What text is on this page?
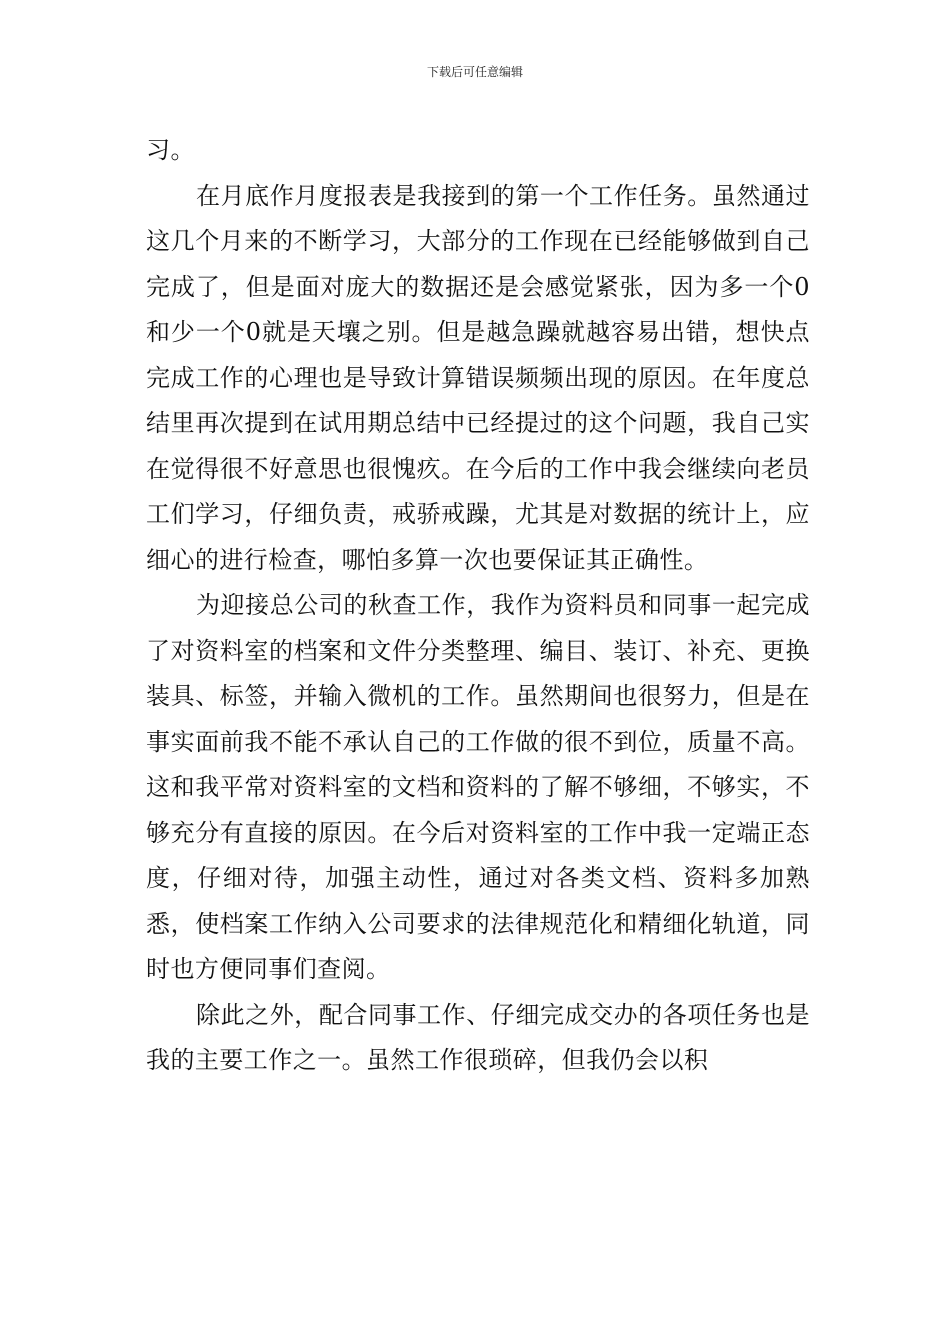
下载后可任意编辑

习。

在月底作月度报表是我接到的第一个工作任务。虽然通过这几个月来的不断学习，大部分的工作现在已经能够做到自己完成了，但是面对庞大的数据还是会感觉紧张，因为多一个0和少一个0就是天壤之别。但是越急躁就越容易出错，想快点完成工作的心理也是导致计算错误频频出现的原因。在年度总结里再次提到在试用期总结中已经提过的这个问题，我自己实在觉得很不好意思也很愧疚。在今后的工作中我会继续向老员工们学习，仔细负责，戒骄戒躁，尤其是对数据的统计上，应细心的进行检查，哪怕多算一次也要保证其正确性。

为迎接总公司的秋查工作，我作为资料员和同事一起完成了对资料室的档案和文件分类整理、编目、装订、补充、更换装具、标签，并输入微机的工作。虽然期间也很努力，但是在事实面前我不能不承认自己的工作做的很不到位，质量不高。这和我平常对资料室的文档和资料的了解不够细，不够实，不够充分有直接的原因。在今后对资料室的工作中我一定端正态度，仔细对待，加强主动性，通过对各类文档、资料多加熟悉，使档案工作纳入公司要求的法律规范化和精细化轨道，同时也方便同事们查阅。

除此之外，配合同事工作、仔细完成交办的各项任务也是我的主要工作之一。虽然工作很琐碎，但我仍会以积
